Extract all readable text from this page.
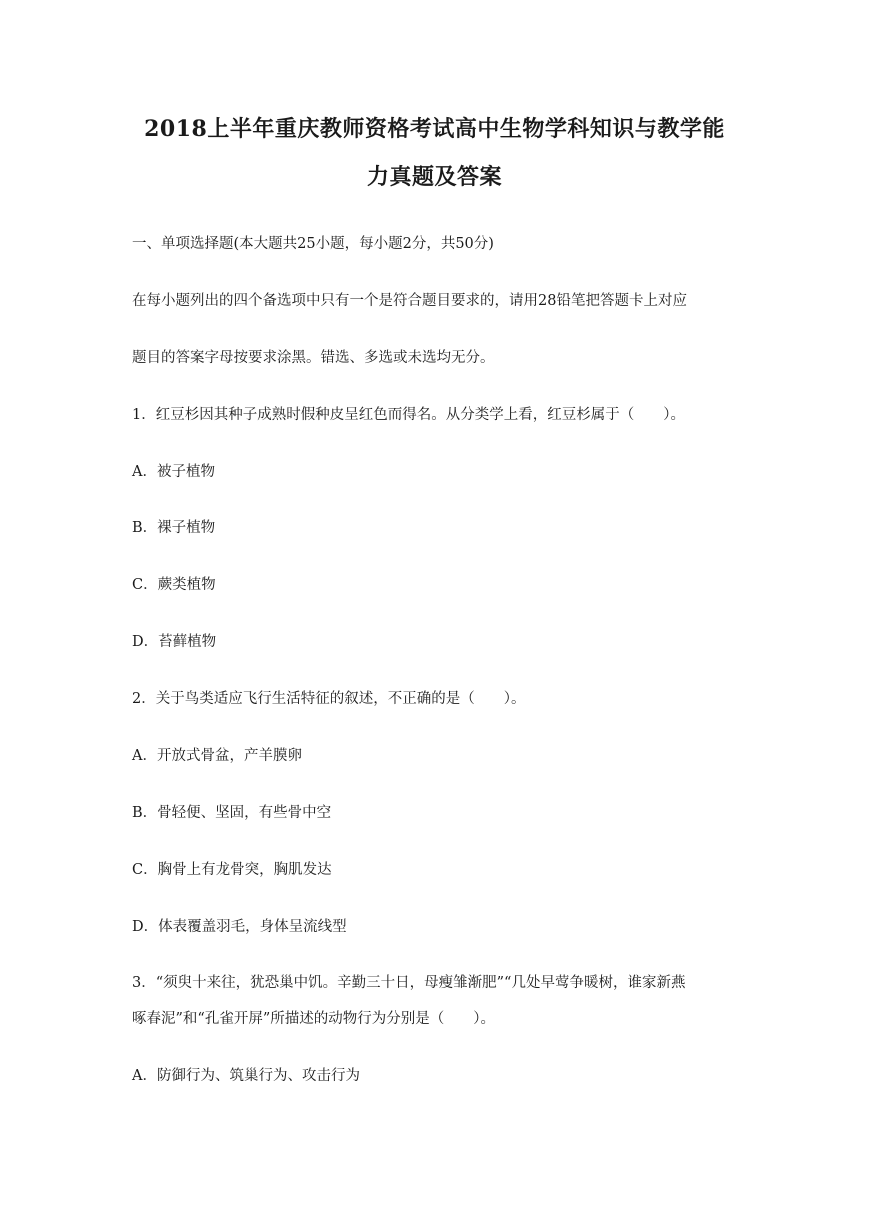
2018上半年重庆教师资格考试高中生物学科知识与教学能
力真题及答案

一、单项选择题(本大题共25小题，每小题2分，共50分)

在每小题列出的四个备选项中只有一个是符合题目要求的，请用28铅笔把答题卡上对应

题目的答案字母按要求涂黑。错选、多选或未选均无分。

1．红豆杉因其种子成熟时假种皮呈红色而得名。从分类学上看，红豆杉属于（　　）。

A．被子植物

B．裸子植物

C．蕨类植物

D．苔藓植物

2．关于鸟类适应飞行生活特征的叙述，不正确的是（　　）。

A．开放式骨盆，产羊膜卵

B．骨轻便、坚固，有些骨中空

C．胸骨上有龙骨突，胸肌发达

D．体表覆盖羽毛，身体呈流线型

3．“须臾十来往，犹恐巢中饥。辛勤三十日，母瘦雏渐肥”“几处早莺争暖树，谁家新燕

啄春泥”和“孔雀开屏”所描述的动物行为分别是（　　）。

A．防御行为、筑巢行为、攻击行为
